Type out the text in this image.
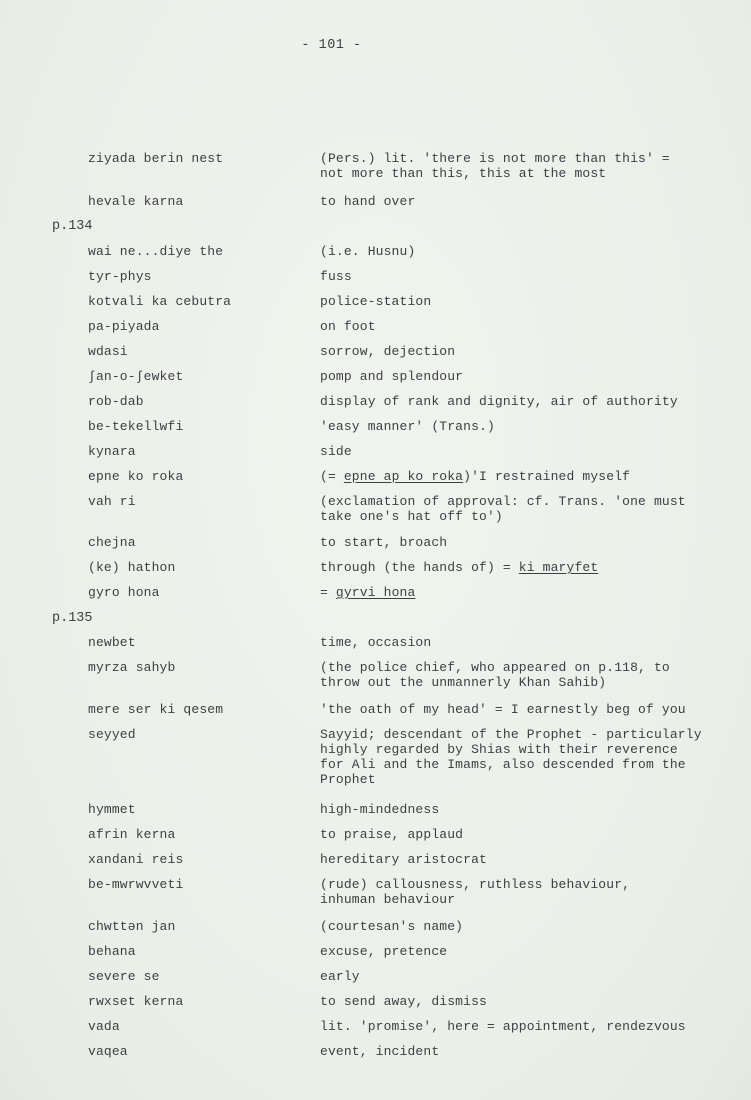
- 101 -
p.134
p.135
ziyada berin nest	(Pers.) lit. 'there is not more than this' =
not more than this, this at the most
hevale karna	to hand over
wai ne...diye the	(i.e. Husnu)
tyr-phys	fuss
kotvali ka cebutra	police-station
pa-piyada	on foot
wdasi	sorrow, dejection
∫an-o-∫ewket	pomp and splendour
rob-dab	display of rank and dignity, air of authority
be-tekellwfi	'easy manner' (Trans.)
kynara	side
epne ko roka	(= epne ap ko roka)'I restrained myself
vah ri	(exclamation of approval: cf. Trans. 'one must
take one's hat off to')
chejna	to start, broach
(ke) hathon	through (the hands of) = ki maryfet
gyro hona	= gyrvi hona
newbet	time, occasion
myrza sahyb	(the police chief, who appeared on p.118, to
throw out the unmannerly Khan Sahib)
mere ser ki qesem	'the oath of my head' = I earnestly beg of you
seyyed	Sayyid; descendant of the Prophet - particularly
highly regarded by Shias with their reverence
for Ali and the Imams, also descended from the
Prophet
hymmet	high-mindedness
afrin kerna	to praise, applaud
xandani reis	hereditary aristocrat
be-mwrwvveti	(rude) callousness, ruthless behaviour,
inhuman behaviour
chwttən jan	(courtesan's name)
behana	excuse, pretence
severe se	early
rwxset kerna	to send away, dismiss
vada	lit. 'promise', here = appointment, rendezvous
vaqea	event, incident
